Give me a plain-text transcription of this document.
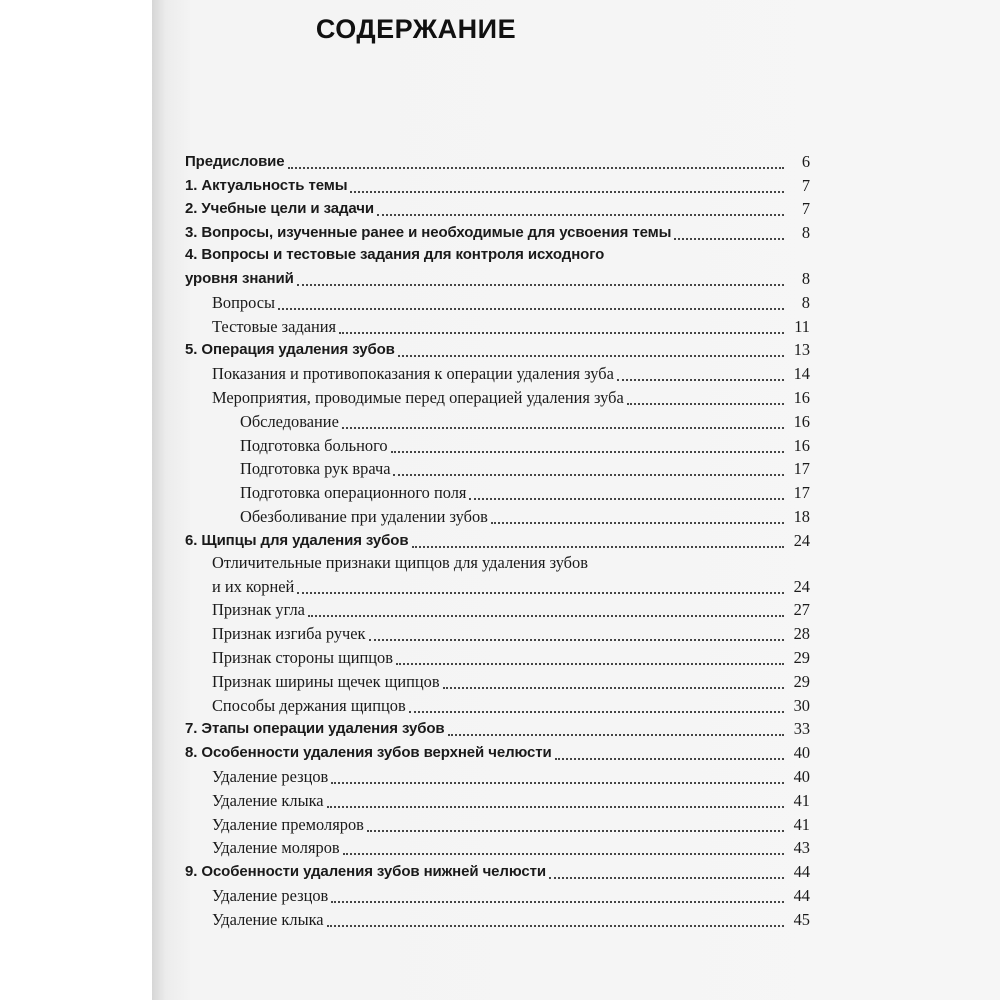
СОДЕРЖАНИЕ
Предисловие	6
1. Актуальность темы	7
2. Учебные цели и задачи	7
3. Вопросы, изученные ранее и необходимые для усвоения темы	8
4. Вопросы и тестовые задания для контроля исходного
уровня знаний	8
Вопросы	8
Тестовые задания	11
5. Операция удаления зубов	13
Показания и противопоказания к операции удаления зуба	14
Мероприятия, проводимые перед операцией удаления зуба	16
Обследование	16
Подготовка больного	16
Подготовка рук врача	17
Подготовка операционного поля	17
Обезболивание при удалении зубов	18
6. Щипцы для удаления зубов	24
Отличительные признаки щипцов для удаления зубов
и их корней	24
Признак угла	27
Признак изгиба ручек	28
Признак стороны щипцов	29
Признак ширины щечек щипцов	29
Способы держания щипцов	30
7. Этапы операции удаления зубов	33
8. Особенности удаления зубов верхней челюсти	40
Удаление резцов	40
Удаление клыка	41
Удаление премоляров	41
Удаление моляров	43
9. Особенности удаления зубов нижней челюсти	44
Удаление резцов	44
Удаление клыка	45
